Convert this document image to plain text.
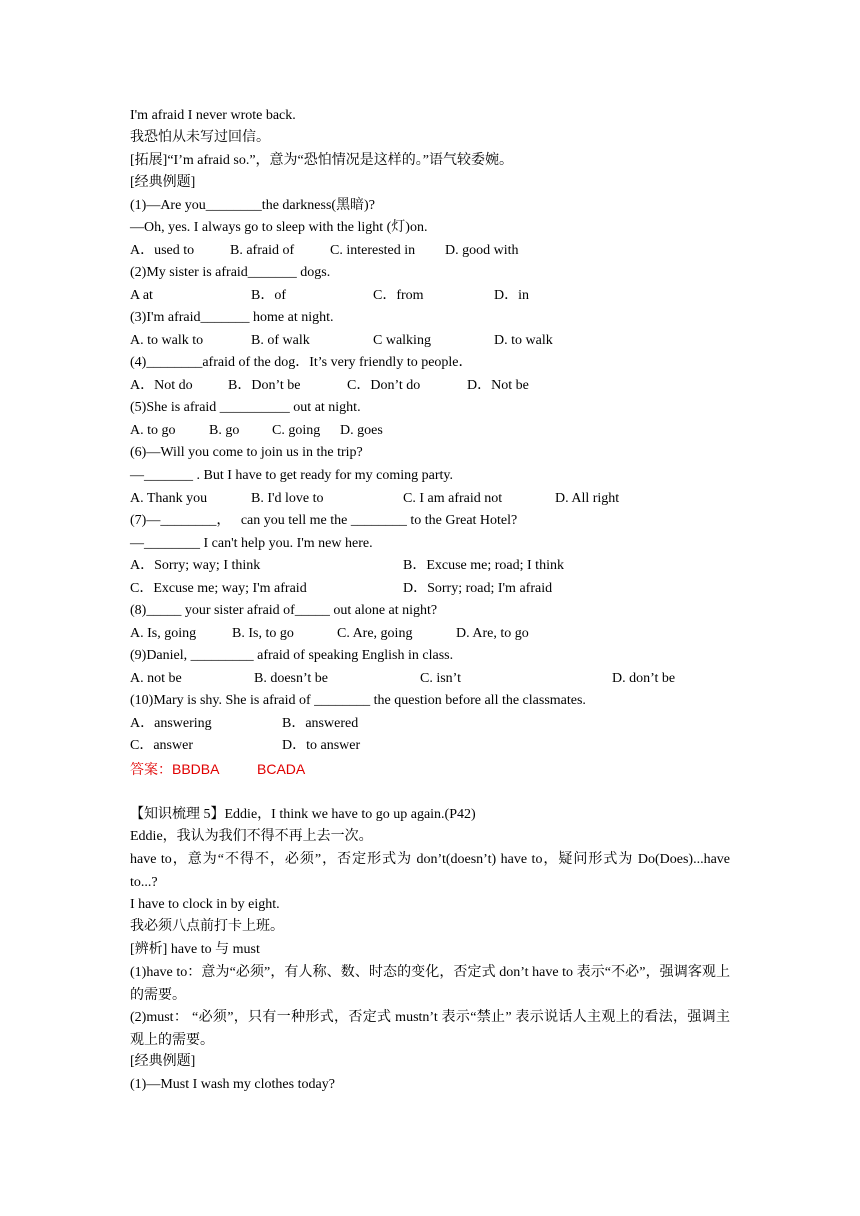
I'm afraid I never wrote back.
我恐怕从未写过回信。
[拓展]“I’m afraid so.”，意为“恐怕情况是这样的。”语气较委婉。
[经典例题]
(1)—Are you________the darkness(黑暗)?
—Oh, yes. I always go to sleep with the light (灯)on.
A．used to	B. afraid of	C. interested in D. good with
(2)My sister is afraid_______ dogs.
A at	B．of	C．from	D．in
(3)I'm afraid_______ home at night.
A. to walk to	B. of walk	C walking	D. to walk
(4)________afraid of the dog．It’s very friendly to people．
A．Not do	B．Don’t be	C．Don’t do	D．Not be
(5)She is afraid __________ out at night.
A. to go B. go C. going D. goes
(6)—Will you come to join us in the trip?
—_______ . But I have to get ready for my coming party.
A. Thank you	B. I'd love to	C. I am afraid not	D. All right
(7)—________，   can you tell me the ________ to the Great Hotel?
—________ I can't help you. I'm new here.
A．Sorry; way; I think	B．Excuse me; road; I think
C．Excuse me; way; I'm afraid	D．Sorry; road; I'm afraid
(8)_____ your sister afraid of_____ out alone at night?
A. Is, going	B. Is, to go	C. Are, going	D. Are, to go
(9)Daniel, _________ afraid of speaking English in class.
A. not be	B. doesn’t be	C. isn’t	D. don’t be
(10)Mary is shy. She is afraid of ________ the question before all the classmates.
A．answering	B．answered
C．answer	D．to answer
答案：BBDBA	BCADA
【知识梳理 5】Eddie，I think we have to go up again.(P42)
Eddie，我认为我们不得不再上去一次。
have to，意为“不得不，必须”，否定形式为 don’t(doesn’t) have to，疑问形式为 Do(Does)...have to...?
I have to clock in by eight.
我必须八点前打卡上班。
[辨析] have to 与 must
(1)have to：意为“必须”，有人称、数、时态的变化，否定式 don’t have to 表示“不必”，强调客观上的需要。
(2)must： “必须”，只有一种形式，否定式 mustn’t 表示“禁止” 表示说话人主观上的看法，强调主观上的需要。
[经典例题]
(1)—Must I wash my clothes today?
